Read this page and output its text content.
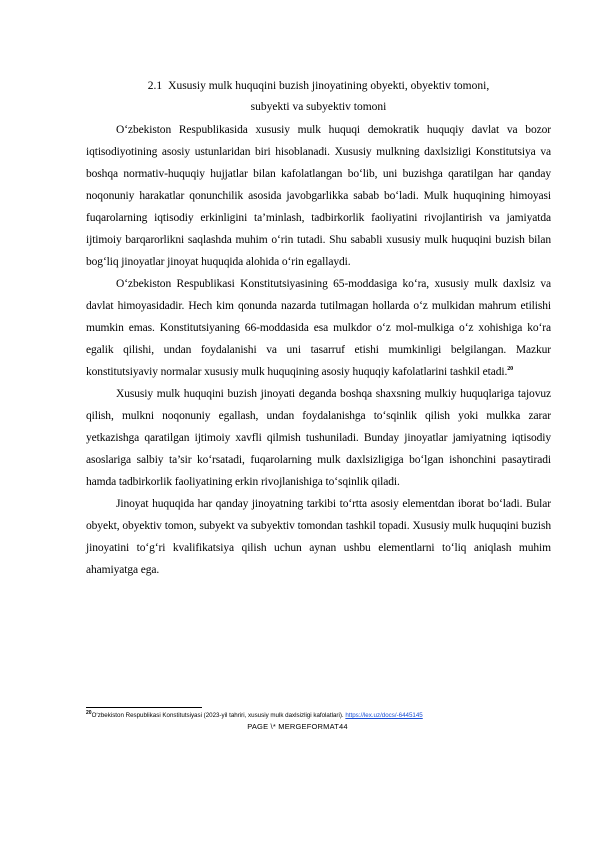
2.1 Xususiy mulk huquqini buzish jinoyatining obyekti, obyektiv tomoni,
subyekti va subyektiv tomoni

O‘zbekiston Respublikasida xususiy mulk huquqi demokratik huquqiy davlat va bozor iqtisodiyotining asosiy ustunlaridan biri hisoblanadi. Xususiy mulkning daxlsizligi Konstitutsiya va boshqa normativ-huquqiy hujjatlar bilan kafolatlangan bo‘lib, uni buzishga qaratilgan har qanday noqonuniy harakatlar qonunchilik asosida javobgarlikka sabab bo‘ladi. Mulk huquqining himoyasi fuqarolarning iqtisodiy erkinligini ta’minlash, tadbirkorlik faoliyatini rivojlantirish va jamiyatda ijtimoiy barqarorlikni saqlashda muhim o‘rin tutadi. Shu sababli xususiy mulk huquqini buzish bilan bog‘liq jinoyatlar jinoyat huquqida alohida o‘rin egallaydi.

O‘zbekiston Respublikasi Konstitutsiyasining 65-moddasiga ko‘ra, xususiy mulk daxlsiz va davlat himoyasidadir. Hech kim qonunda nazarda tutilmagan hollarda o‘z mulkidan mahrum etilishi mumkin emas. Konstitutsiyaning 66-moddasida esa mulkdor o‘z mol-mulkiga o‘z xohishiga ko‘ra egalik qilishi, undan foydalanishi va uni tasarruf etishi mumkinligi belgilangan. Mazkur konstitutsiyaviy normalar xususiy mulk huquqining asosiy huquqiy kafolatlarini tashkil etadi.$^{20}$

Xususiy mulk huquqini buzish jinoyati deganda boshqa shaxsning mulkiy huquqlariga tajovuz qilish, mulkni noqonuniy egallash, undan foydalanishga to‘sqinlik qilish yoki mulkka zarar yetkazishga qaratilgan ijtimoiy xavfli qilmish tushuniladi. Bunday jinoyatlar jamiyatning iqtisodiy asoslariga salbiy ta’sir ko‘rsatadi, fuqarolarning mulk daxlsizligiga bo‘lgan ishonchini pasaytiradi hamda tadbirkorlik faoliyatining erkin rivojlanishiga to‘sqinlik qiladi.

Jinoyat huquqida har qanday jinoyatning tarkibi to‘rtta asosiy elementdan iborat bo‘ladi. Bular obyekt, obyektiv tomon, subyekt va subyektiv tomondan tashkil topadi. Xususiy mulk huquqini buzish jinoyatini to‘g‘ri kvalifikatsiya qilish uchun aynan ushbu elementlarni to‘liq aniqlash muhim ahamiyatga ega.

$^{20}$O‘zbekiston Respublikasi Konstitutsiyasi (2023-yil tahriri, xususiy mulk daxlsizligi kafolatlari). https://lex.uz/docs/-6445145
PAGE \* MERGEFORMAT44
